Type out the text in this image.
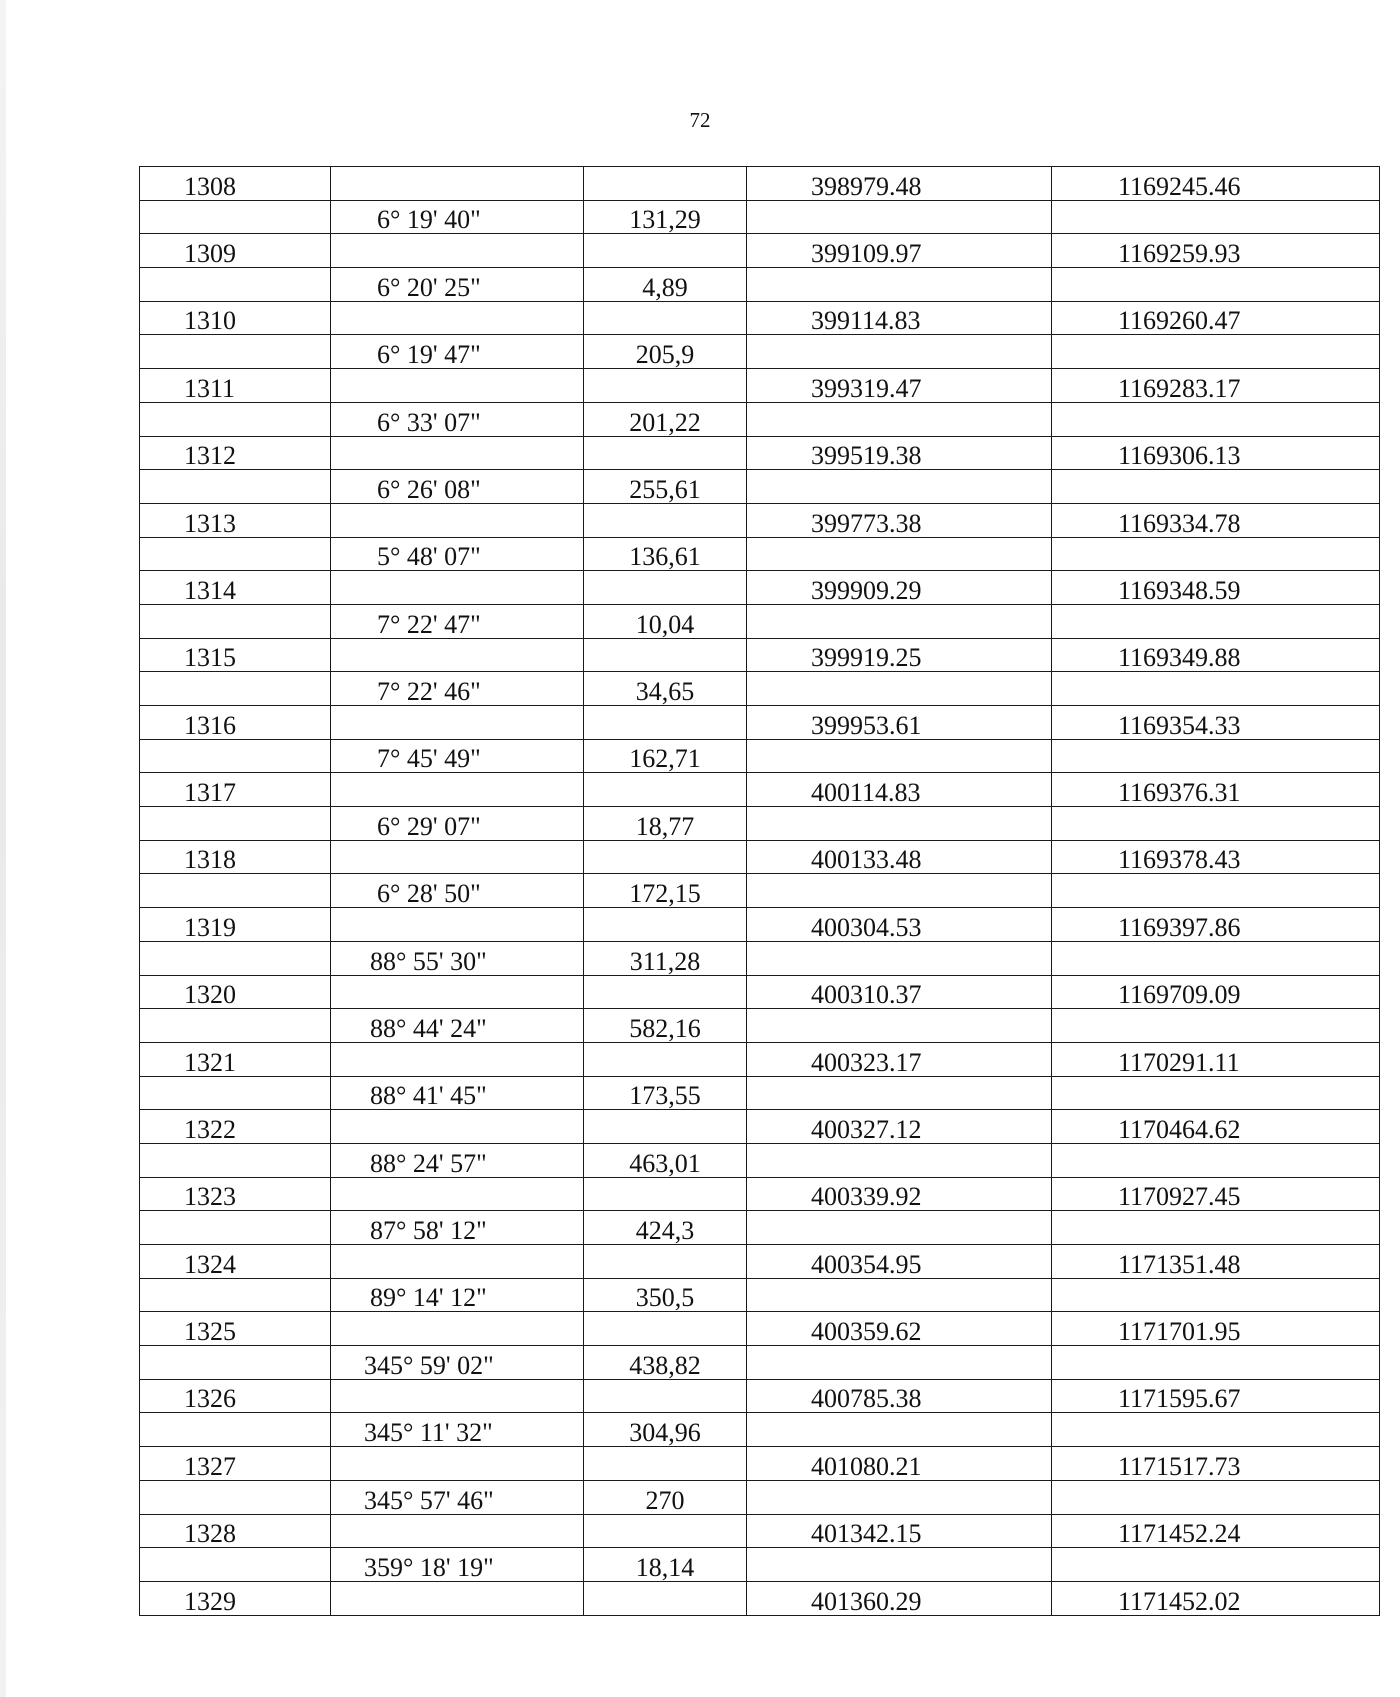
72
1308			398979.48	1169245.46
	6° 19' 40"	131,29		
1309			399109.97	1169259.93
	6° 20' 25"	4,89		
1310			399114.83	1169260.47
	6° 19' 47"	205,9		
1311			399319.47	1169283.17
	6° 33' 07"	201,22		
1312			399519.38	1169306.13
	6° 26' 08"	255,61		
1313			399773.38	1169334.78
	5° 48' 07"	136,61		
1314			399909.29	1169348.59
	7° 22' 47"	10,04		
1315			399919.25	1169349.88
	7° 22' 46"	34,65		
1316			399953.61	1169354.33
	7° 45' 49"	162,71		
1317			400114.83	1169376.31
	6° 29' 07"	18,77		
1318			400133.48	1169378.43
	6° 28' 50"	172,15		
1319			400304.53	1169397.86
	88° 55' 30"	311,28		
1320			400310.37	1169709.09
	88° 44' 24"	582,16		
1321			400323.17	1170291.11
	88° 41' 45"	173,55		
1322			400327.12	1170464.62
	88° 24' 57"	463,01		
1323			400339.92	1170927.45
	87° 58' 12"	424,3		
1324			400354.95	1171351.48
	89° 14' 12"	350,5		
1325			400359.62	1171701.95
	345° 59' 02"	438,82		
1326			400785.38	1171595.67
	345° 11' 32"	304,96		
1327			401080.21	1171517.73
	345° 57' 46"	270		
1328			401342.15	1171452.24
	359° 18' 19"	18,14		
1329			401360.29	1171452.02
